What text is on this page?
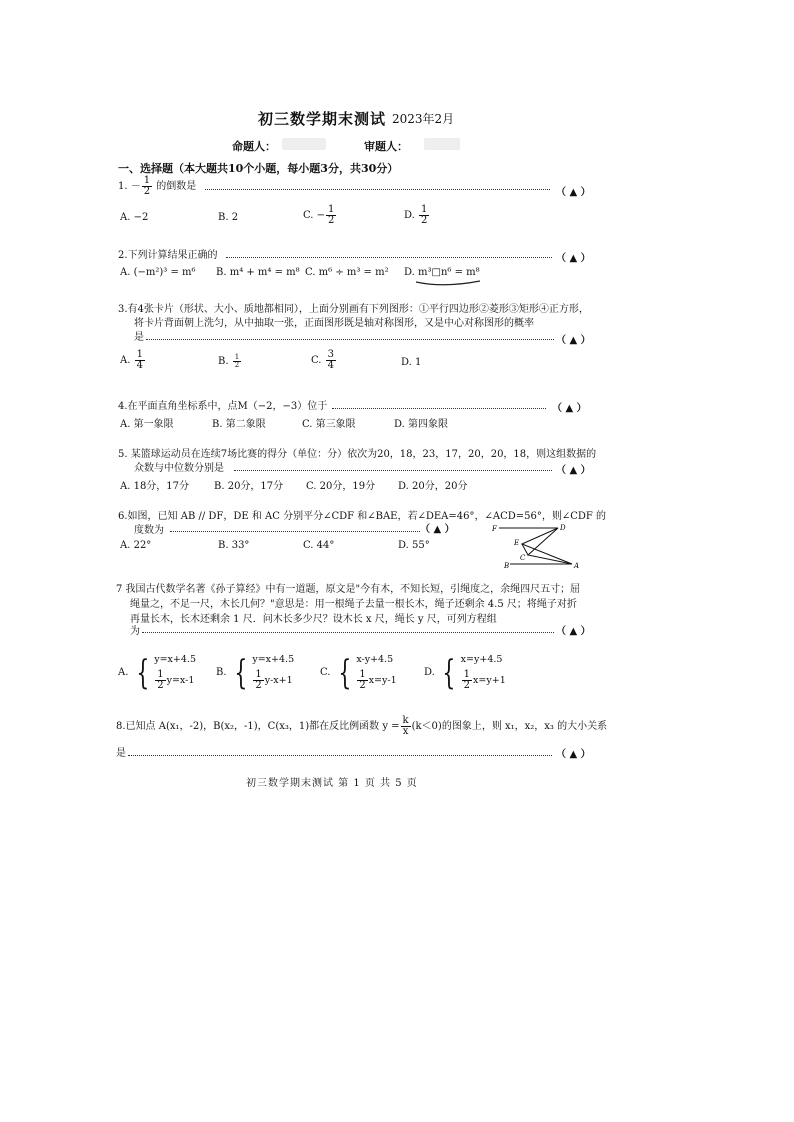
初三数学期末测试 2023年2月
命题人：	审题人：
一、选择题（本大题共10个小题，每小题3分，共30分）
1. － $\frac{1}{2}$ 的倒数是
（ ▲ ）
A. −2	B. 2	C. − $\frac{1}{2}$	D. $\frac{1}{2}$
2.下列计算结果正确的	（ ▲ ）
A. (−m²)³ = m⁶ B. m⁴ + m⁴ = m⁸ C. m⁶ ÷ m³ = m² D. m³□n⁶ = m⁸
3.有4张卡片（形状、大小、质地都相同），上面分别画有下列图形：①平行四边形②菱形③矩形④正方形，
将卡片背面朝上洗匀，从中抽取一张，正面图形既是轴对称图形，又是中心对称图形的概率
是	（ ▲ ）
A. $\frac{1}{4}$	B. $\frac{1}{2}$	C. $\frac{3}{4}$	D. 1
4.在平面直角坐标系中，点M（−2，−3）位于	（ ▲ ）
A. 第一象限	B. 第二象限	C. 第三象限	D. 第四象限
5. 某篮球运动员在连续7场比赛的得分（单位：分）依次为20，18，23，17，20，20，18，则这组数据的
众数与中位数分别是	（ ▲ ）
A. 18分，17分 B. 20分，17分 C. 20分，19分 D. 20分，20分
6.如图，已知 AB // DF，DE 和 AC 分别平分∠CDF 和∠BAE，若∠DEA=46°，∠ACD=56°，则∠CDF 的
度数为	（ ▲ ）
A. 22°	B. 33°	C. 44°	D. 55°
F	D
E
C
B	A
7 我国古代数学名著《孙子算经》中有一道题，原文是"今有木，不知长短，引绳度之，余绳四尺五寸；屈
绳量之，不足一尺，木长几何？"意思是：用一根绳子去量一根长木，绳子还剩余 4.5 尺；将绳子对折
再量长木，长木还剩余 1 尺．问木长多少尺？设木长 x 尺，绳长 y 尺，可列方程组
为	（ ▲ ）
A. { y=x+4.5
$\frac{1}{2} y=x-1$
B. { y=x+4.5
$\frac{1}{2} y-x+1$
C. { x-y+4.5
$\frac{1}{2} x=y-1$
D. { x=y+4.5
$\frac{1}{2} x=y+1$
8.已知点 A(x₁，-2)，B(x₂，-1)，C(x₃，1)都在反比例函数 $y = \frac{k}{x} (k<0)$的图象上，则 x₁，x₂，x₃ 的大小关系
是	（ ▲ ）
初三数学期末测试 第 1 页 共 5 页
